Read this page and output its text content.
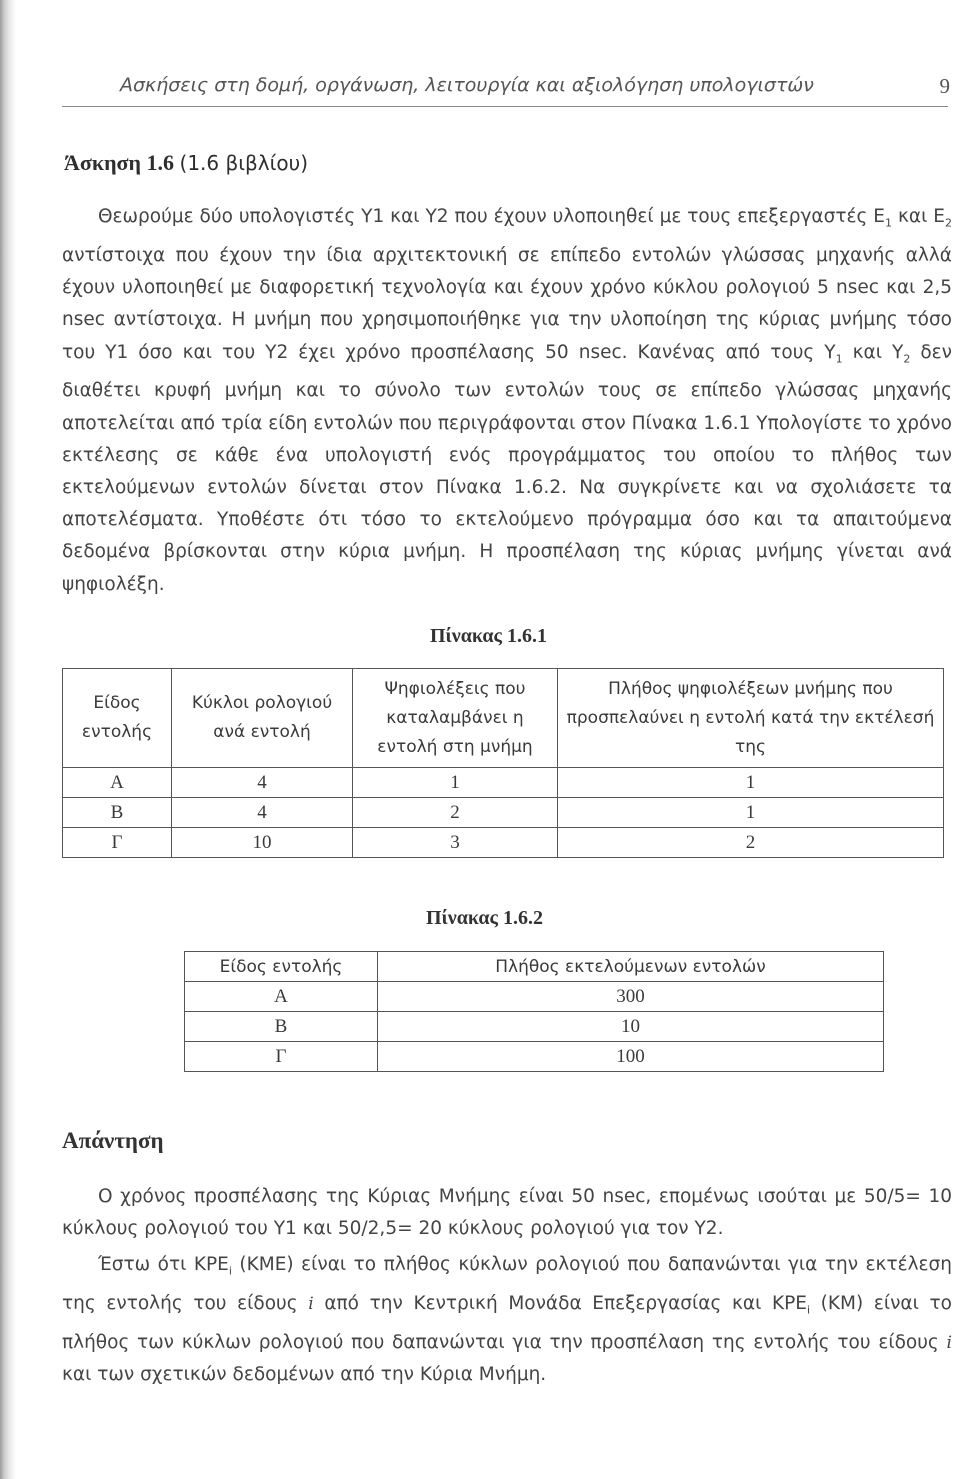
Ασκήσεις στη δομή, οργάνωση, λειτουργία και αξιολόγηση υπολογιστών	9
Άσκηση 1.6 (1.6 βιβλίου)
Θεωρούμε δύο υπολογιστές Υ1 και Υ2 που έχουν υλοποιηθεί με τους επεξεργαστές $E_1$ και $E_2$ αντίστοιχα που έχουν την ίδια αρχιτεκτονική σε επίπεδο εντολών γλώσσας μηχανής αλλά έχουν υλοποιηθεί με διαφορετική τεχνολογία και έχουν χρόνο κύκλου ρολογιού 5 nsec και 2,5 nsec αντίστοιχα. Η μνήμη που χρησιμοποιήθηκε για την υλοποίηση της κύριας μνήμης τόσο του Υ1 όσο και του Υ2 έχει χρόνο προσπέλασης 50 nsec. Κανένας από τους $\Upsilon_1$ και $\Upsilon_2$ δεν διαθέτει κρυφή μνήμη και το σύνολο των εντολών τους σε επίπεδο γλώσσας μηχανής αποτελείται από τρία είδη εντολών που περιγράφονται στον Πίνακα 1.6.1 Υπολογίστε το χρόνο εκτέλεσης σε κάθε ένα υπολογιστή ενός προγράμματος του οποίου το πλήθος των εκτελούμενων εντολών δίνεται στον Πίνακα 1.6.2. Να συγκρίνετε και να σχολιάσετε τα αποτελέσματα. Υποθέστε ότι τόσο το εκτελούμενο πρόγραμμα όσο και τα απαιτούμενα δεδομένα βρίσκονται στην κύρια μνήμη. Η προσπέλαση της κύριας μνήμης γίνεται ανά ψηφιολέξη.
Πίνακας 1.6.1
Είδος εντολής	Κύκλοι ρολογιού ανά εντολή	Ψηφιολέξεις που καταλαμβάνει η εντολή στη μνήμη	Πλήθος ψηφιολέξεων μνήμης που προσπελαύνει η εντολή κατά την εκτέλεσή της
Α	4	1	1
Β	4	2	1
Γ	10	3	2
Πίνακας 1.6.2
Είδος εντολής	Πλήθος εκτελούμενων εντολών
Α	300
Β	10
Γ	100
Απάντηση
Ο χρόνος προσπέλασης της Κύριας Μνήμης είναι 50 nsec, επομένως ισούται με 50/5= 10 κύκλους ρολογιού του Υ1 και 50/2,5= 20 κύκλους ρολογιού για τον Υ2.
Έστω ότι $KPE_i$ (ΚΜΕ) είναι το πλήθος κύκλων ρολογιού που δαπανώνται για την εκτέλεση της εντολής του είδους i από την Κεντρική Μονάδα Επεξεργασίας και $KPE_i$ (ΚΜ) είναι το πλήθος των κύκλων ρολογιού που δαπανώνται για την προσπέλαση της εντολής του είδους i και των σχετικών δεδομένων από την Κύρια Μνήμη.
